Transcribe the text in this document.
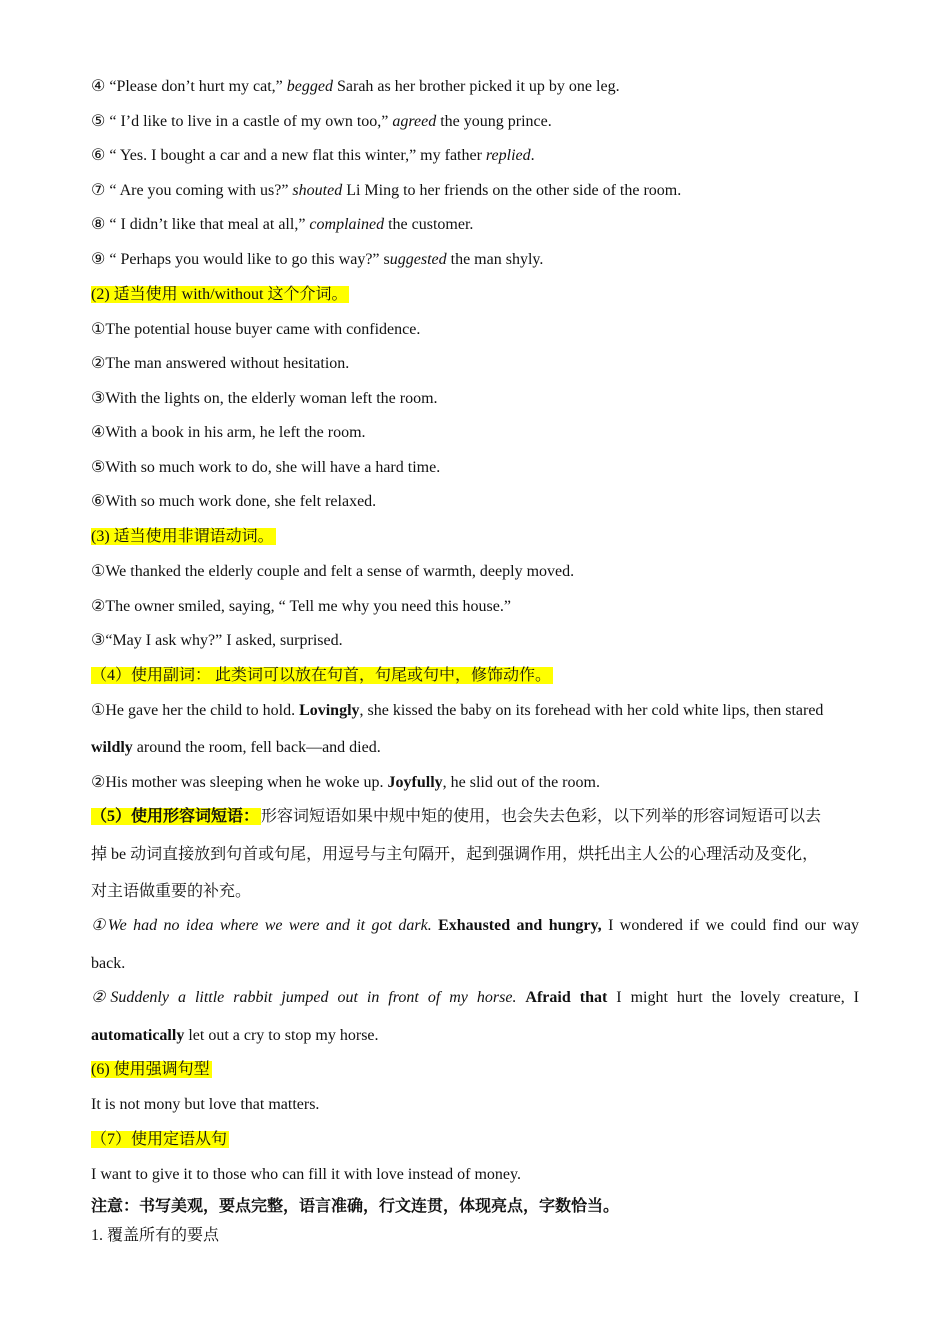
④ “Please don’t hurt my cat,” begged Sarah as her brother picked it up by one leg.
⑤ “ I’d like to live in a castle of my own too,” agreed the young prince.
⑥ “ Yes. I bought a car and a new flat this winter,” my father replied.
⑦ “ Are you coming with us?” shouted Li Ming to her friends on the other side of the room.
⑧ “ I didn’t like that meal at all,” complained the customer.
⑨ “ Perhaps you would like to go this way?” suggested the man shyly.
(2) 适当使用 with/without 这个介词。
①The potential house buyer came with confidence.
②The man answered without hesitation.
③With the lights on, the elderly woman left the room.
④With a book in his arm, he left the room.
⑤With so much work to do, she will have a hard time.
⑥With so much work done, she felt relaxed.
(3) 适当使用非谓语动词。
①We thanked the elderly couple and felt a sense of warmth, deeply moved.
②The owner smiled, saying, “ Tell me why you need this house.”
③“May I ask why?” I asked, surprised.
（4）使用副词： 此类词可以放在句首，句尾或句中，修饰动作。
①He gave her the child to hold. Lovingly, she kissed the baby on its forehead with her cold white lips, then stared
wildly around the room, fell back—and died.
②His mother was sleeping when he woke up. Joyfully, he slid out of the room.
（5）使用形容词短语： 形容词短语如果中规中矩的使用，也会失去色彩，以下列举的形容词短语可以去
掉 be 动词直接放到句首或句尾，用逗号与主句隔开，起到强调作用，烘托出主人公的心理活动及变化，
对主语做重要的补充。
①We had no idea where we were and it got dark. Exhausted and hungry, I wondered if we could find our way
back.
②Suddenly a little rabbit jumped out in front of my horse. Afraid that I might hurt the lovely creature, I
automatically let out a cry to stop my horse.
(6) 使用强调句型
It is not mony but love that matters.
（7）使用定语从句
I want to give it to those who can fill it with love instead of money.
注意：书写美观，要点完整，语言准确，行文连贯，体现亮点，字数恰当。
1. 覆盖所有的要点
